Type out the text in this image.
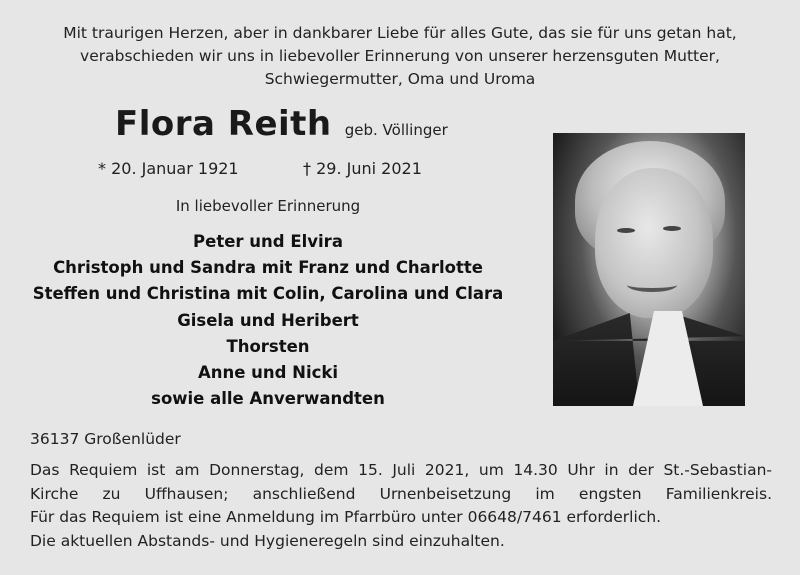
Mit traurigen Herzen, aber in dankbarer Liebe für alles Gute, das sie für uns getan hat,
verabschieden wir uns in liebevoller Erinnerung von unserer herzensguten Mutter,
Schwiegermutter, Oma und Uroma
Flora Reith geb. Völlinger
* 20. Januar 1921	† 29. Juni 2021
In liebevoller Erinnerung
Peter und Elvira
Christoph und Sandra mit Franz und Charlotte
Steffen und Christina mit Colin, Carolina und Clara
Gisela und Heribert
Thorsten
Anne und Nicki
sowie alle Anverwandten
36137 Großenlüder
Das Requiem ist am Donnerstag, dem 15. Juli 2021, um 14.30 Uhr in der St.-Sebastian-
Kirche zu Uffhausen; anschließend Urnenbeisetzung im engsten Familienkreis.
Für das Requiem ist eine Anmeldung im Pfarrbüro unter 06648/7461 erforderlich.
Die aktuellen Abstands- und Hygieneregeln sind einzuhalten.
